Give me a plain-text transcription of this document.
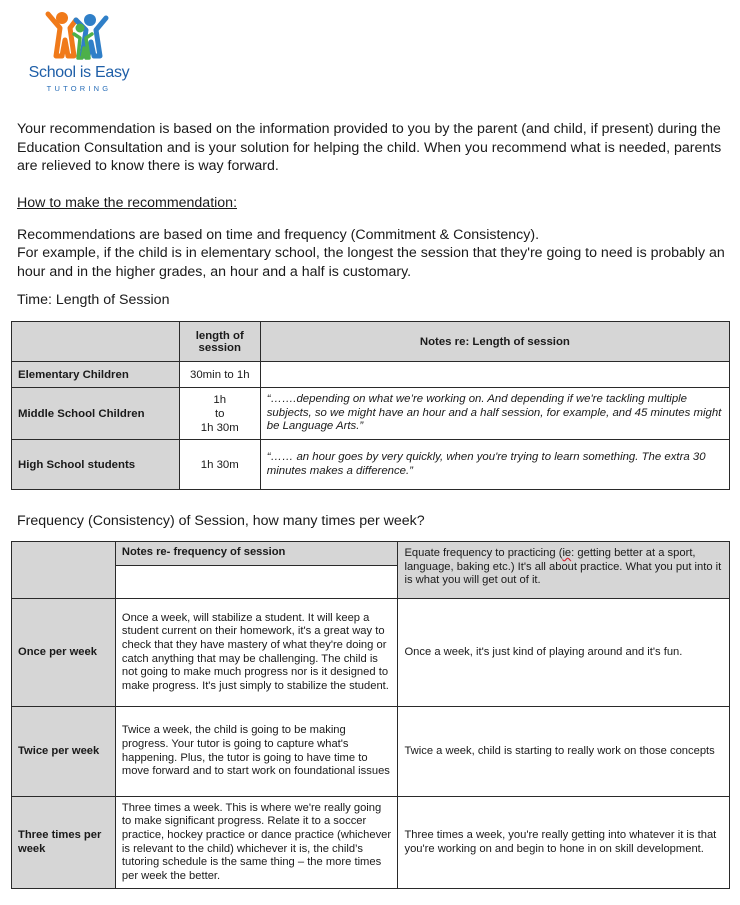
School is Easy
TUTORING

Your recommendation is based on the information provided to you by the parent (and child, if present) during the Education Consultation and is your solution for helping the child. When you recommend what is needed, parents are relieved to know there is way forward.

How to make the recommendation:

Recommendations are based on time and frequency (Commitment & Consistency).

For example, if the child is in elementary school, the longest the session that they're going to need is probably an hour and in the higher grades, an hour and a half is customary.

Time: Length of Session

	length of session	Notes re: Length of session
Elementary Children	30min to 1h	
Middle School Children	1h
to
1h 30m	“…….depending on what we’re working on. And depending if we're tackling multiple subjects, so we might have an hour and a half session, for example, and 45 minutes might be Language Arts.”
High School students	1h 30m	“…… an hour goes by very quickly, when you're trying to learn something. The extra 30 minutes makes a difference.”

Frequency (Consistency) of Session, how many times per week?

	Notes re- frequency of session	Equate frequency to practicing (ie: getting better at a sport, language, baking etc.) It's all about practice. What you put into it is what you will get out of it.

Once per week	Once a week, will stabilize a student. It will keep a student current on their homework, it's a great way to check that they have mastery of what they're doing or catch anything that may be challenging. The child is not going to make much progress nor is it designed to make progress. It's just simply to stabilize the student.	Once a week, it's just kind of playing around and it's fun.
Twice per week	Twice a week, the child is going to be making progress. Your tutor is going to capture what's happening. Plus, the tutor is going to have time to move forward and to start work on foundational issues	Twice a week, child is starting to really work on those concepts
Three times per week	Three times a week. This is where we're really going to make significant progress. Relate it to a soccer practice, hockey practice or dance practice (whichever is relevant to the child) whichever it is, the child’s tutoring schedule is the same thing – the more times per week the better.	Three times a week, you're really getting into whatever it is that you're working on and begin to hone in on skill development.
